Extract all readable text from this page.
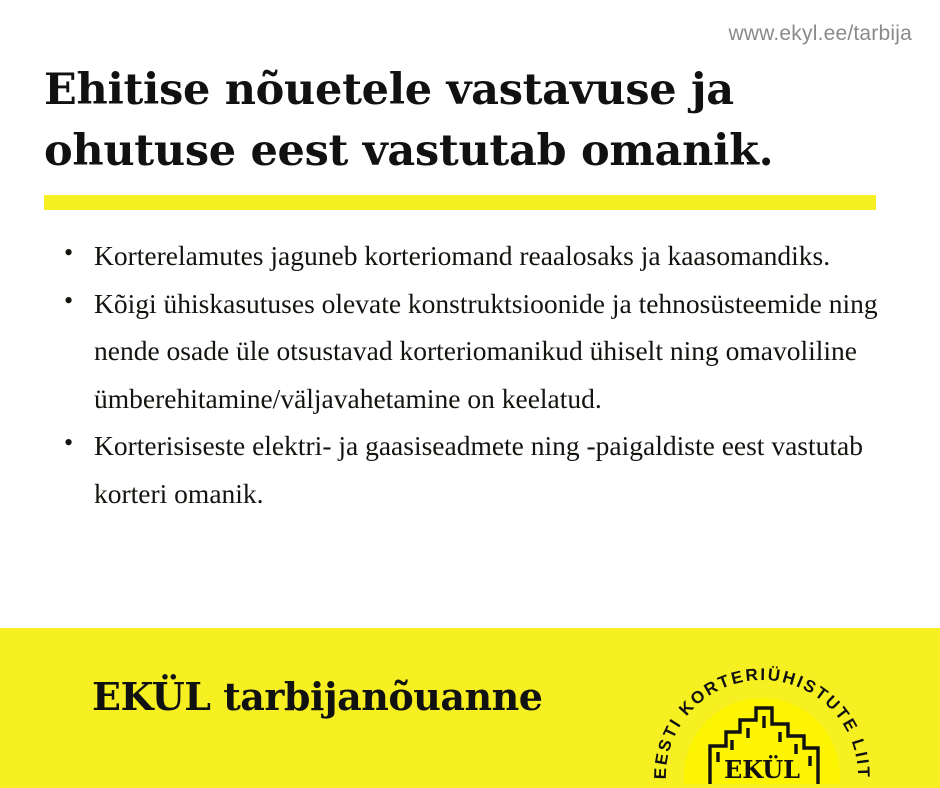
www.ekyl.ee/tarbija
Ehitise nõuetele vastavuse ja ohutuse eest vastutab omanik.
• Korterelamutes jaguneb korteriomand reaalosaks ja kaasomandiks.
• Kõigi ühiskasutuses olevate konstruktsioonide ja tehnosüsteemide ning nende osade üle otsustavad korteriomanikud ühiselt ning omavoliline ümberehitamine/väljavahetamine on keelatud.
• Korterisiseste elektri- ja gaasiseadmete ning -paigaldiste eest vastutab korteri omanik.
EKÜL tarbijanõuanne
EESTI KORTERIÜHISTUTE LIIT
EKÜL
